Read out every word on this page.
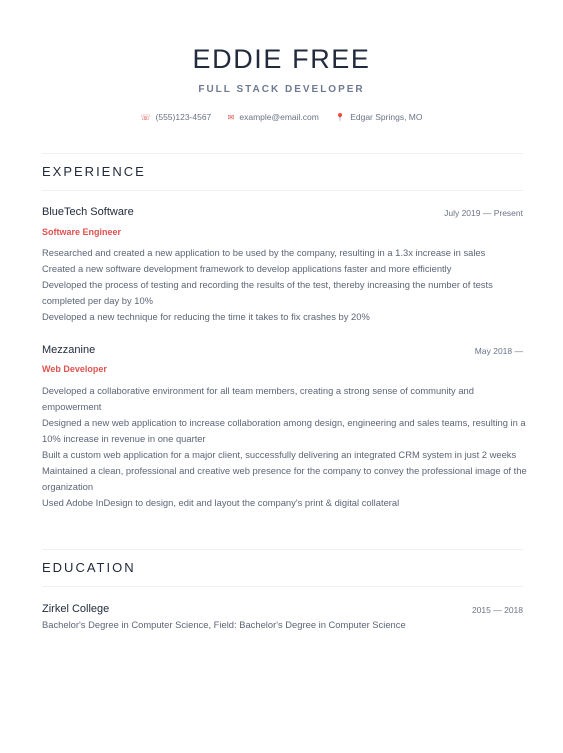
EDDIE FREE
FULL STACK DEVELOPER
☏ (555)123-4567 ✉ example@email.com 📍 Edgar Springs, MO
EXPERIENCE
BlueTech Software	July 2019 — Present
Software Engineer
Researched and created a new application to be used by the company, resulting in a 1.3x increase in sales
Created a new software development framework to develop applications faster and more efficiently
Developed the process of testing and recording the results of the test, thereby increasing the number of tests completed per day by 10%
Developed a new technique for reducing the time it takes to fix crashes by 20%
Mezzanine	May 2018 —
Web Developer
Developed a collaborative environment for all team members, creating a strong sense of community and empowerment
Designed a new web application to increase collaboration among design, engineering and sales teams, resulting in a 10% increase in revenue in one quarter
Built a custom web application for a major client, successfully delivering an integrated CRM system in just 2 weeks
Maintained a clean, professional and creative web presence for the company to convey the professional image of the organization
Used Adobe InDesign to design, edit and layout the company's print & digital collateral
EDUCATION
Zirkel College	2015 — 2018
Bachelor's Degree in Computer Science, Field: Bachelor's Degree in Computer Science
